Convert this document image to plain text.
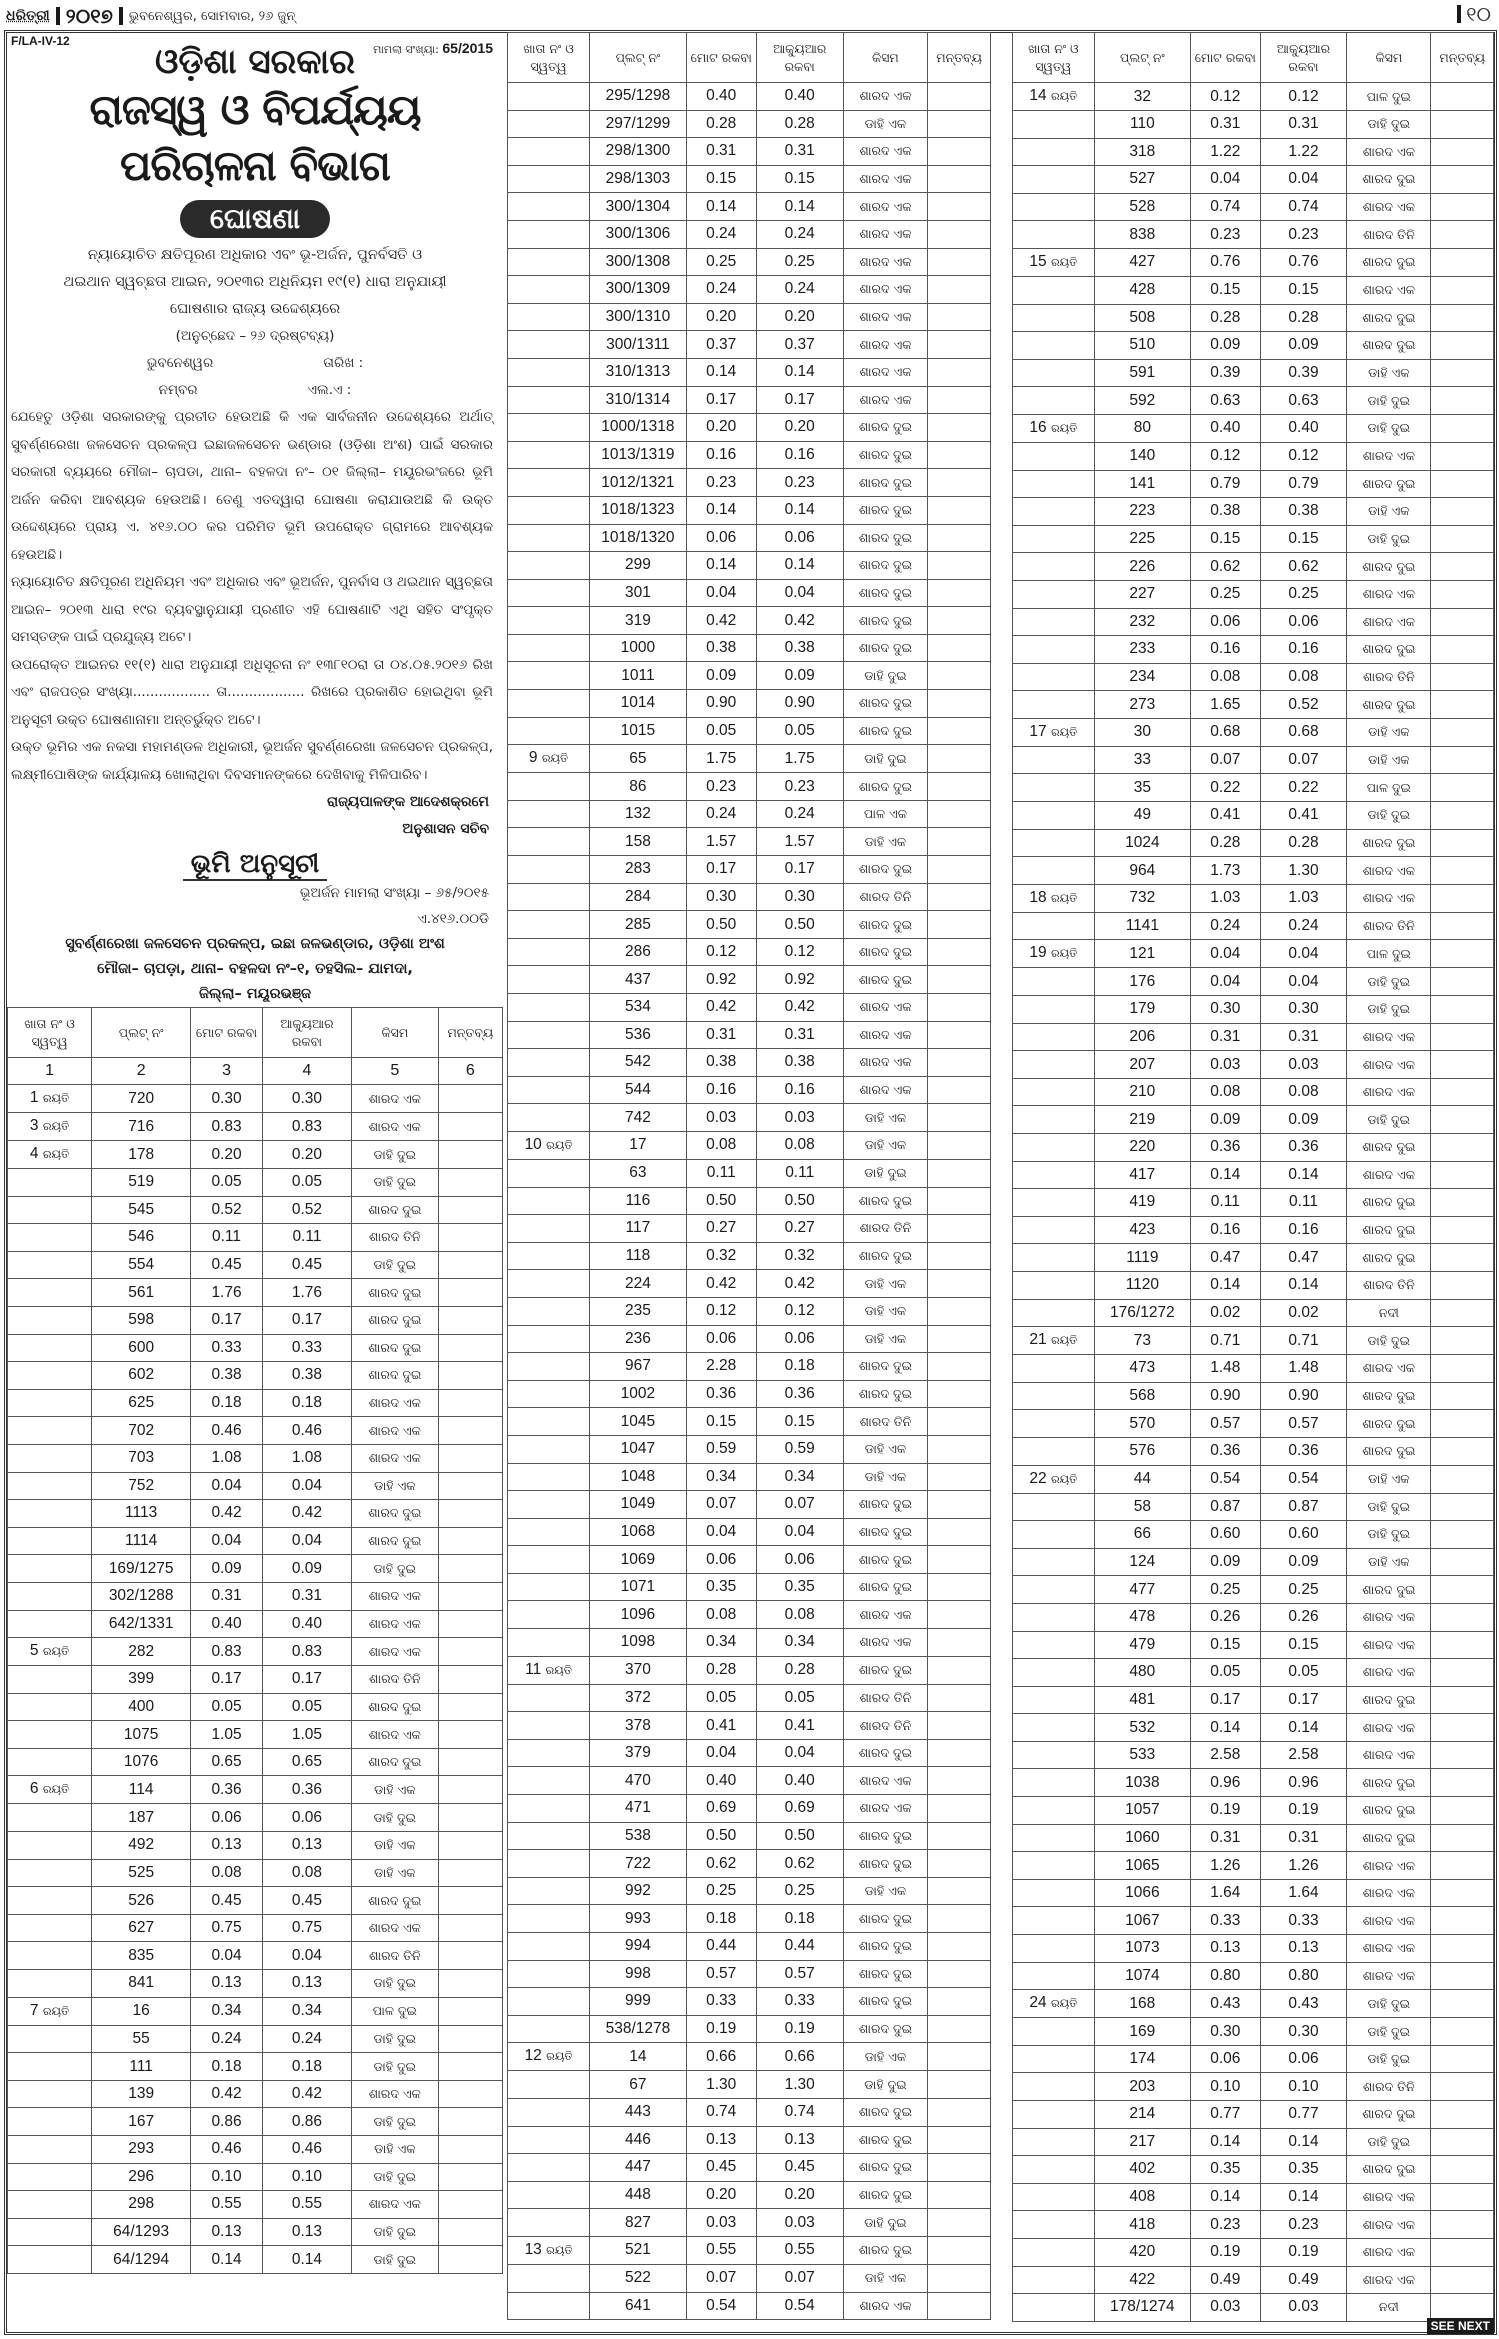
ଧରିତ୍ରୀ ୨୦୧୭ ଭୁବନେଶ୍ୱର, ସୋମବାର, ୨୬ ଜୁନ୍	୧୦
F/LA-IV-12
ମାମଲା ସଂଖ୍ୟା: 65/2015
ଓଡ଼ିଶା ସରକାର
ରାଜସ୍ୱ ଓ ବିପର୍ଯ୍ୟୟ ପରିଚାଳନା ବିଭାଗ
ଘୋଷଣା
ନ୍ୟାୟୋଚିତ କ୍ଷତିପୂରଣ ଅଧିକାର ଏବଂ ଭୂ-ଅର୍ଜନ, ପୁନର୍ବସତି ଓ
ଥଇଥାନ ସ୍ୱଚ୍ଛତା ଆଇନ, ୨୦୧୩ର ଅଧିନିୟମ ୧୯(୧) ଧାରା ଅନୁଯାୟୀ
ଘୋଷଣାର ରାଜ୍ୟ ଉଦ୍ଦେଶ୍ୟରେ
(ଅନୁଚ୍ଛେଦ – ୨୬ ଦ୍ରଷ୍ଟବ୍ୟ)
ଭୁବନେଶ୍ୱର	ତାରିଖ :
ନମ୍ବର	ଏଲ.ଏ :

ଯେହେତୁ ଓଡ଼ିଶା ସରକାରଙ୍କୁ ପ୍ରତୀତ ହେଉଅଛି କି ଏକ ସାର୍ବଜନୀନ ଉଦ୍ଦେଶ୍ୟରେ ଅର୍ଥାତ୍ ସୁବର୍ଣ୍ଣରେଖା ଜଳସେଚନ ପ୍ରକଳ୍ପ ଇଛାଜଳସେଚନ ଭଣ୍ଡାର (ଓଡ଼ିଶା ଅଂଶ) ପାଇଁ ସରକାର ସରକାରୀ ବ୍ୟୟରେ ମୌଜା– ଚାପଡା, ଥାନା– ବହଳଦା ନଂ– ୦୧ ଜିଲ୍ଲା– ମୟୂରଭଂଜରେ ଭୂମି ଅର୍ଜନ କରିବା ଆବଶ୍ୟକ ହେଉଅଛି। ତେଣୁ ଏତଦ୍ୱାରା ଘୋଷଣା କରାଯାଉଅଛି କି ଉକ୍ତ ଉଦ୍ଦେଶ୍ୟରେ ପ୍ରାୟ ଏ. ୪୧୬.୦୦ କର ପରିମିତ ଭୂମି ଉପରୋକ୍ତ ଗ୍ରାମରେ ଆବଶ୍ୟକ ହେଉଅଛି।

ନ୍ୟାୟୋଚିତ କ୍ଷତିପୂରଣ ଅଧିନିୟମ ଏବଂ ଅଧିକାର ଏବଂ ଭୂଅର୍ଜନ, ପୁନର୍ବାସ ଓ ଥଇଥାନ ସ୍ୱଚ୍ଛତା ଆଇନ– ୨୦୧୩ ଧାରା ୧୯ର ବ୍ୟବସ୍ଥାନୁଯାୟୀ ପ୍ରଣୀତ ଏହି ଘୋଷଣାଟି ଏଥି ସହିତ ସଂପୃକ୍ତ ସମସ୍ତଙ୍କ ପାଇଁ ପ୍ରଯୁଜ୍ୟ ଅଟେ।

ଉପରୋକ୍ତ ଆଇନର ୧୧(୧) ଧାରା ଅନୁଯାୟୀ ଅଧିସୂଚନା ନଂ ୧୩୮୧୦ରା ତା ୦୪.୦୫.୨୦୧୬ ରିଖ ଏବଂ ରାଜପତ୍ର ସଂଖ୍ୟା.................. ତା.................. ରିଖରେ ପ୍ରକାଶିତ ହୋଇଥିବା ଭୂମି ଅନୁସୂଚୀ ଉକ୍ତ ଘୋଷଣାନାମା ଅନ୍ତର୍ଭୁକ୍ତ ଅଟେ।

ଉକ୍ତ ଭୂମିର ଏକ ନକସା ମହାମଣ୍ଡଳ ଅଧିକାରୀ, ଭୂଅର୍ଜନ ସୁବର୍ଣ୍ଣରେଖା ଜଳସେଚନ ପ୍ରକଳ୍ପ, ଲକ୍ଷ୍ମୀପୋଷିଙ୍କ କାର୍ଯ୍ୟାଳୟ ଖୋଲାଥିବା ଦିବସମାନଙ୍କରେ ଦେଖିବାକୁ ମିଳିପାରିବ।

ରାଜ୍ୟପାଳଙ୍କ ଆଦେଶକ୍ରମେ
ଅନୁଶାସନ ସଚିବ
ଭୂମି ଅନୁସୂଚୀ
ଭୂଅର୍ଜନ ମାମଲା ସଂଖ୍ୟା – ୬୫/୨୦୧୫
ଏ.୪୧୬.୦୦ଡି
ସୁବର୍ଣ୍ଣରେଖା ଜଳସେଚନ ପ୍ରକଳ୍ପ, ଇଛା ଜଳଭଣ୍ଡାର, ଓଡ଼ିଶା ଅଂଶ
ମୌଜା– ଚାପଡ଼ା, ଥାନା– ବହଳଦା ନଂ–୧, ତହସିଲ– ଯାମଦା,
ଜିଲ୍ଲା– ମୟୂରଭଞ୍ଜ
ଖାତା ନଂ ଓ ସ୍ୱତ୍ୱ	ପ୍ଲଟ୍ ନଂ	ମୋଟ ରକବା	ଆକ୍ୟୁଆର ରକବା	କିସମ	ମନ୍ତବ୍ୟ
1	2	3	4	5	6
1 ରୟତି	720	0.30	0.30	ଶାରଦ ଏକ	
3 ରୟତି	716	0.83	0.83	ଶାରଦ ଏକ	
4 ରୟତି	178	0.20	0.20	ଡାହି ଦୁଇ	
	519	0.05	0.05	ଡାହି ଦୁଇ	
	545	0.52	0.52	ଶାରଦ ଦୁଇ	
	546	0.11	0.11	ଶାରଦ ତିନି	
	554	0.45	0.45	ଡାହି ଦୁଇ	
	561	1.76	1.76	ଶାରଦ ଦୁଇ	
	598	0.17	0.17	ଶାରଦ ଦୁଇ	
	600	0.33	0.33	ଶାରଦ ଦୁଇ	
	602	0.38	0.38	ଶାରଦ ଦୁଇ	
	625	0.18	0.18	ଶାରଦ ଏକ	
	702	0.46	0.46	ଶାରଦ ଏକ	
	703	1.08	1.08	ଶାରଦ ଏକ	
	752	0.04	0.04	ଡାହି ଏକ	
	1113	0.42	0.42	ଶାରଦ ଦୁଇ	
	1114	0.04	0.04	ଶାରଦ ଦୁଇ	
	169/1275	0.09	0.09	ଡାହି ଦୁଇ	
	302/1288	0.31	0.31	ଶାରଦ ଏକ	
	642/1331	0.40	0.40	ଶାରଦ ଏକ	
5 ରୟତି	282	0.83	0.83	ଶାରଦ ଏକ	
	399	0.17	0.17	ଶାରଦ ତିନି	
	400	0.05	0.05	ଶାରଦ ଦୁଇ	
	1075	1.05	1.05	ଶାରଦ ଏକ	
	1076	0.65	0.65	ଶାରଦ ଦୁଇ	
6 ରୟତି	114	0.36	0.36	ଡାହି ଏକ	
	187	0.06	0.06	ଡାହି ଦୁଇ	
	492	0.13	0.13	ଡାହି ଏକ	
	525	0.08	0.08	ଡାହି ଏକ	
	526	0.45	0.45	ଶାରଦ ଦୁଇ	
	627	0.75	0.75	ଶାରଦ ଏକ	
	835	0.04	0.04	ଶାରଦ ତିନି	
	841	0.13	0.13	ଡାହି ଦୁଇ	
7 ରୟତି	16	0.34	0.34	ପାଳ ଦୁଇ	
	55	0.24	0.24	ଡାହି ଦୁଇ	
	111	0.18	0.18	ଡାହି ଦୁଇ	
	139	0.42	0.42	ଶାରଦ ଏକ	
	167	0.86	0.86	ଡାହି ଦୁଇ	
	293	0.46	0.46	ଡାହି ଏକ	
	296	0.10	0.10	ଡାହି ଦୁଇ	
	298	0.55	0.55	ଶାରଦ ଏକ	
	64/1293	0.13	0.13	ଡାହି ଦୁଇ	
	64/1294	0.14	0.14	ଡାହି ଦୁଇ	
ଖାତା ନଂ ଓ ସ୍ୱତ୍ୱ	ପ୍ଲଟ୍ ନଂ	ମୋଟ ରକବା	ଆକ୍ୟୁଆର ରକବା	କିସମ	ମନ୍ତବ୍ୟ
	295/1298	0.40	0.40	ଶାରଦ ଏକ	
	297/1299	0.28	0.28	ଡାହି ଏକ	
	298/1300	0.31	0.31	ଶାରଦ ଏକ	
	298/1303	0.15	0.15	ଶାରଦ ଏକ	
	300/1304	0.14	0.14	ଶାରଦ ଏକ	
	300/1306	0.24	0.24	ଶାରଦ ଏକ	
	300/1308	0.25	0.25	ଶାରଦ ଏକ	
	300/1309	0.24	0.24	ଶାରଦ ଏକ	
	300/1310	0.20	0.20	ଶାରଦ ଏକ	
	300/1311	0.37	0.37	ଶାରଦ ଏକ	
	310/1313	0.14	0.14	ଶାରଦ ଏକ	
	310/1314	0.17	0.17	ଶାରଦ ଏକ	
	1000/1318	0.20	0.20	ଶାରଦ ଦୁଇ	
	1013/1319	0.16	0.16	ଶାରଦ ଦୁଇ	
	1012/1321	0.23	0.23	ଶାରଦ ଦୁଇ	
	1018/1323	0.14	0.14	ଶାରଦ ଦୁଇ	
	1018/1320	0.06	0.06	ଶାରଦ ଦୁଇ	
	299	0.14	0.14	ଶାରଦ ଦୁଇ	
	301	0.04	0.04	ଶାରଦ ଦୁଇ	
	319	0.42	0.42	ଶାରଦ ଦୁଇ	
	1000	0.38	0.38	ଶାରଦ ଦୁଇ	
	1011	0.09	0.09	ଡାହି ଦୁଇ	
	1014	0.90	0.90	ଶାରଦ ଦୁଇ	
	1015	0.05	0.05	ଶାରଦ ଦୁଇ	
9 ରୟତି	65	1.75	1.75	ଡାହି ଦୁଇ	
	86	0.23	0.23	ଶାରଦ ଦୁଇ	
	132	0.24	0.24	ପାଳ ଏକ	
	158	1.57	1.57	ଡାହି ଏକ	
	283	0.17	0.17	ଶାରଦ ଦୁଇ	
	284	0.30	0.30	ଶାରଦ ତିନି	
	285	0.50	0.50	ଶାରଦ ଦୁଇ	
	286	0.12	0.12	ଶାରଦ ଦୁଇ	
	437	0.92	0.92	ଶାରଦ ଦୁଇ	
	534	0.42	0.42	ଶାରଦ ଏକ	
	536	0.31	0.31	ଶାରଦ ଏକ	
	542	0.38	0.38	ଶାରଦ ଏକ	
	544	0.16	0.16	ଶାରଦ ଏକ	
	742	0.03	0.03	ଡାହି ଏକ	
10 ରୟତି	17	0.08	0.08	ଡାହି ଏକ	
	63	0.11	0.11	ଡାହି ଦୁଇ	
	116	0.50	0.50	ଶାରଦ ଦୁଇ	
	117	0.27	0.27	ଶାରଦ ତିନି	
	118	0.32	0.32	ଶାରଦ ଦୁଇ	
	224	0.42	0.42	ଡାହି ଏକ	
	235	0.12	0.12	ଡାହି ଏକ	
	236	0.06	0.06	ଡାହି ଏକ	
	967	2.28	0.18	ଶାରଦ ଦୁଇ	
	1002	0.36	0.36	ଶାରଦ ଦୁଇ	
	1045	0.15	0.15	ଶାରଦ ତିନି	
	1047	0.59	0.59	ଡାହି ଏକ	
	1048	0.34	0.34	ଡାହି ଏକ	
	1049	0.07	0.07	ଶାରଦ ଦୁଇ	
	1068	0.04	0.04	ଶାରଦ ଦୁଇ	
	1069	0.06	0.06	ଶାରଦ ଦୁଇ	
	1071	0.35	0.35	ଶାରଦ ଦୁଇ	
	1096	0.08	0.08	ଶାରଦ ଏକ	
	1098	0.34	0.34	ଶାରଦ ଏକ	
11 ରୟତି	370	0.28	0.28	ଶାରଦ ଦୁଇ	
	372	0.05	0.05	ଶାରଦ ତିନି	
	378	0.41	0.41	ଶାରଦ ତିନି	
	379	0.04	0.04	ଶାରଦ ଦୁଇ	
	470	0.40	0.40	ଶାରଦ ଏକ	
	471	0.69	0.69	ଶାରଦ ଏକ	
	538	0.50	0.50	ଶାରଦ ଦୁଇ	
	722	0.62	0.62	ଶାରଦ ଦୁଇ	
	992	0.25	0.25	ଡାହି ଏକ	
	993	0.18	0.18	ଶାରଦ ଦୁଇ	
	994	0.44	0.44	ଶାରଦ ଦୁଇ	
	998	0.57	0.57	ଶାରଦ ଦୁଇ	
	999	0.33	0.33	ଶାରଦ ଦୁଇ	
	538/1278	0.19	0.19	ଶାରଦ ଦୁଇ	
12 ରୟତି	14	0.66	0.66	ଡାହି ଏକ	
	67	1.30	1.30	ଡାହି ଦୁଇ	
	443	0.74	0.74	ଶାରଦ ଦୁଇ	
	446	0.13	0.13	ଶାରଦ ଦୁଇ	
	447	0.45	0.45	ଶାରଦ ଦୁଇ	
	448	0.20	0.20	ଶାରଦ ଦୁଇ	
	827	0.03	0.03	ଡାହି ଦୁଇ	
13 ରୟତି	521	0.55	0.55	ଶାରଦ ଦୁଇ	
	522	0.07	0.07	ଡାହି ଏକ	
	641	0.54	0.54	ଶାରଦ ଏକ	
ଖାତା ନଂ ଓ ସ୍ୱତ୍ୱ	ପ୍ଲଟ୍ ନଂ	ମୋଟ ରକବା	ଆକ୍ୟୁଆର ରକବା	କିସମ	ମନ୍ତବ୍ୟ
14 ରୟତି	32	0.12	0.12	ପାଳ ଦୁଇ	
	110	0.31	0.31	ଡାହି ଦୁଇ	
	318	1.22	1.22	ଶାରଦ ଏକ	
	527	0.04	0.04	ଶାରଦ ଦୁଇ	
	528	0.74	0.74	ଶାରଦ ଏକ	
	838	0.23	0.23	ଶାରଦ ତିନି	
15 ରୟତି	427	0.76	0.76	ଶାରଦ ଦୁଇ	
	428	0.15	0.15	ଶାରଦ ଏକ	
	508	0.28	0.28	ଶାରଦ ଦୁଇ	
	510	0.09	0.09	ଶାରଦ ଦୁଇ	
	591	0.39	0.39	ଡାହି ଏକ	
	592	0.63	0.63	ଡାହି ଦୁଇ	
16 ରୟତି	80	0.40	0.40	ଡାହି ଦୁଇ	
	140	0.12	0.12	ଶାରଦ ଏକ	
	141	0.79	0.79	ଶାରଦ ଦୁଇ	
	223	0.38	0.38	ଡାହି ଏକ	
	225	0.15	0.15	ଡାହି ଦୁଇ	
	226	0.62	0.62	ଶାରଦ ଦୁଇ	
	227	0.25	0.25	ଶାରଦ ଏକ	
	232	0.06	0.06	ଶାରଦ ଏକ	
	233	0.16	0.16	ଶାରଦ ଦୁଇ	
	234	0.08	0.08	ଶାରଦ ତିନି	
	273	1.65	0.52	ଶାରଦ ଦୁଇ	
17 ରୟତି	30	0.68	0.68	ଡାହି ଏକ	
	33	0.07	0.07	ଡାହି ଏକ	
	35	0.22	0.22	ପାଳ ଦୁଇ	
	49	0.41	0.41	ଡାହି ଦୁଇ	
	1024	0.28	0.28	ଶାରଦ ଦୁଇ	
	964	1.73	1.30	ଶାରଦ ଏକ	
18 ରୟତି	732	1.03	1.03	ଶାରଦ ଏକ	
	1141	0.24	0.24	ଶାରଦ ତିନି	
19 ରୟତି	121	0.04	0.04	ପାଳ ଦୁଇ	
	176	0.04	0.04	ଡାହି ଦୁଇ	
	179	0.30	0.30	ଡାହି ଦୁଇ	
	206	0.31	0.31	ଶାରଦ ଏକ	
	207	0.03	0.03	ଶାରଦ ଏକ	
	210	0.08	0.08	ଶାରଦ ଏକ	
	219	0.09	0.09	ଡାହି ଦୁଇ	
	220	0.36	0.36	ଶାରଦ ଦୁଇ	
	417	0.14	0.14	ଶାରଦ ଏକ	
	419	0.11	0.11	ଶାରଦ ଦୁଇ	
	423	0.16	0.16	ଶାରଦ ଦୁଇ	
	1119	0.47	0.47	ଶାରଦ ଦୁଇ	
	1120	0.14	0.14	ଶାରଦ ତିନି	
	176/1272	0.02	0.02	ନଦୀ	
21 ରୟତି	73	0.71	0.71	ଡାହି ଦୁଇ	
	473	1.48	1.48	ଶାରଦ ଏକ	
	568	0.90	0.90	ଶାରଦ ଦୁଇ	
	570	0.57	0.57	ଶାରଦ ଦୁଇ	
	576	0.36	0.36	ଶାରଦ ଦୁଇ	
22 ରୟତି	44	0.54	0.54	ଡାହି ଏକ	
	58	0.87	0.87	ଡାହି ଦୁଇ	
	66	0.60	0.60	ଡାହି ଦୁଇ	
	124	0.09	0.09	ଡାହି ଏକ	
	477	0.25	0.25	ଶାରଦ ଦୁଇ	
	478	0.26	0.26	ଶାରଦ ଏକ	
	479	0.15	0.15	ଶାରଦ ଏକ	
	480	0.05	0.05	ଶାରଦ ଏକ	
	481	0.17	0.17	ଶାରଦ ଦୁଇ	
	532	0.14	0.14	ଶାରଦ ଏକ	
	533	2.58	2.58	ଶାରଦ ଏକ	
	1038	0.96	0.96	ଶାରଦ ଦୁଇ	
	1057	0.19	0.19	ଶାରଦ ଦୁଇ	
	1060	0.31	0.31	ଶାରଦ ଦୁଇ	
	1065	1.26	1.26	ଶାରଦ ଏକ	
	1066	1.64	1.64	ଶାରଦ ଏକ	
	1067	0.33	0.33	ଶାରଦ ଏକ	
	1073	0.13	0.13	ଶାରଦ ଏକ	
	1074	0.80	0.80	ଶାରଦ ଏକ	
24 ରୟତି	168	0.43	0.43	ଡାହି ଦୁଇ	
	169	0.30	0.30	ଡାହି ଦୁଇ	
	174	0.06	0.06	ଡାହି ଦୁଇ	
	203	0.10	0.10	ଶାରଦ ତିନି	
	214	0.77	0.77	ଶାରଦ ଦୁଇ	
	217	0.14	0.14	ଡାହି ଦୁଇ	
	402	0.35	0.35	ଶାରଦ ଦୁଇ	
	408	0.14	0.14	ଶାରଦ ଏକ	
	418	0.23	0.23	ଶାରଦ ଏକ	
	420	0.19	0.19	ଶାରଦ ଏକ	
	422	0.49	0.49	ଶାରଦ ଏକ	
	178/1274	0.03	0.03	ନଦୀ	
SEE NEXT
